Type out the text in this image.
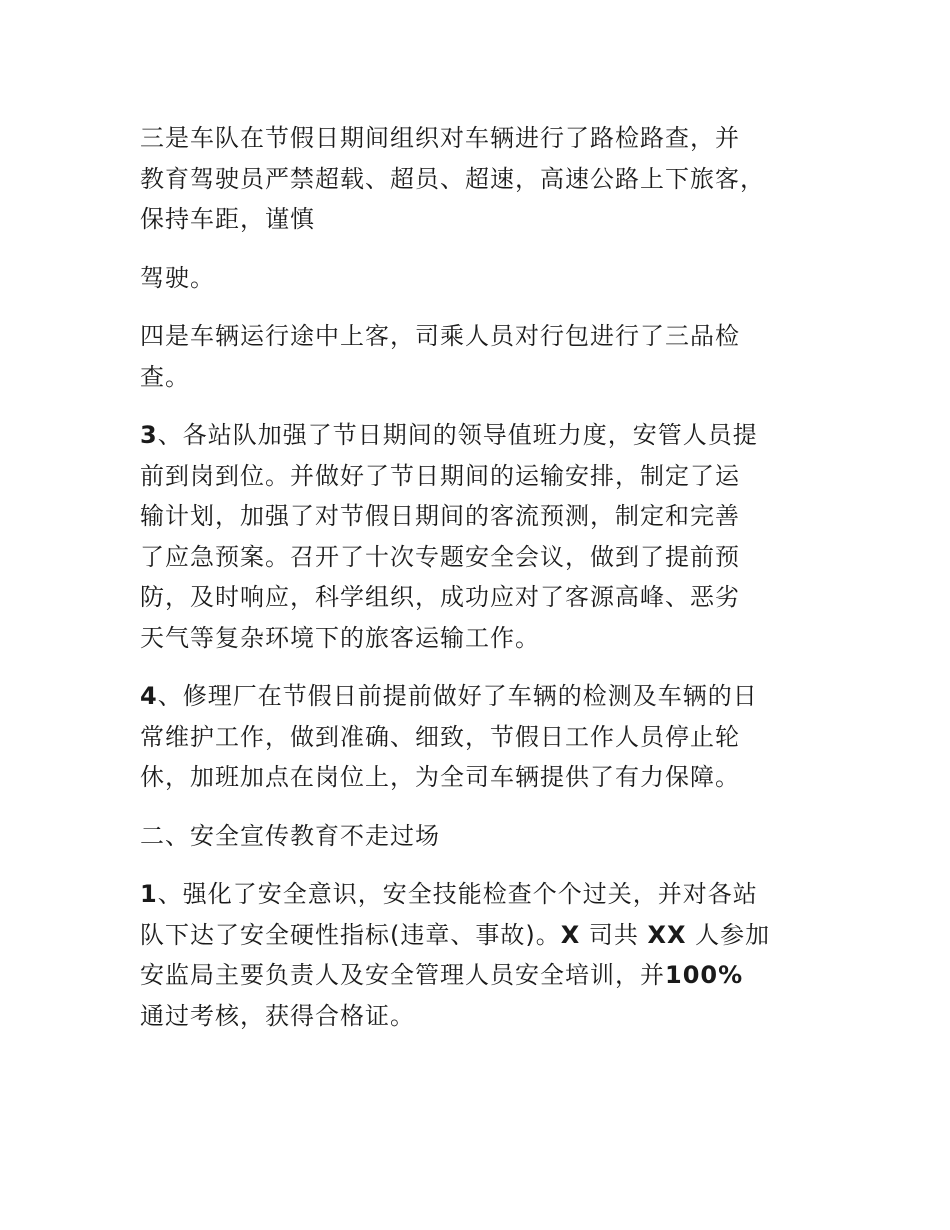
三是车队在节假日期间组织对车辆进行了路检路查，并
教育驾驶员严禁超载、超员、超速，高速公路上下旅客，
保持车距，谨慎

驾驶。

四是车辆运行途中上客，司乘人员对行包进行了三品检
查。

3、各站队加强了节日期间的领导值班力度，安管人员提
前到岗到位。并做好了节日期间的运输安排，制定了运
输计划，加强了对节假日期间的客流预测，制定和完善
了应急预案。召开了十次专题安全会议，做到了提前预
防，及时响应，科学组织，成功应对了客源高峰、恶劣
天气等复杂环境下的旅客运输工作。

4、修理厂在节假日前提前做好了车辆的检测及车辆的日
常维护工作，做到准确、细致，节假日工作人员停止轮
休，加班加点在岗位上，为全司车辆提供了有力保障。

二、安全宣传教育不走过场

1、强化了安全意识，安全技能检查个个过关，并对各站
队下达了安全硬性指标(违章、事故)。X 司共 XX 人参加
安监局主要负责人及安全管理人员安全培训，并100%
通过考核，获得合格证。
